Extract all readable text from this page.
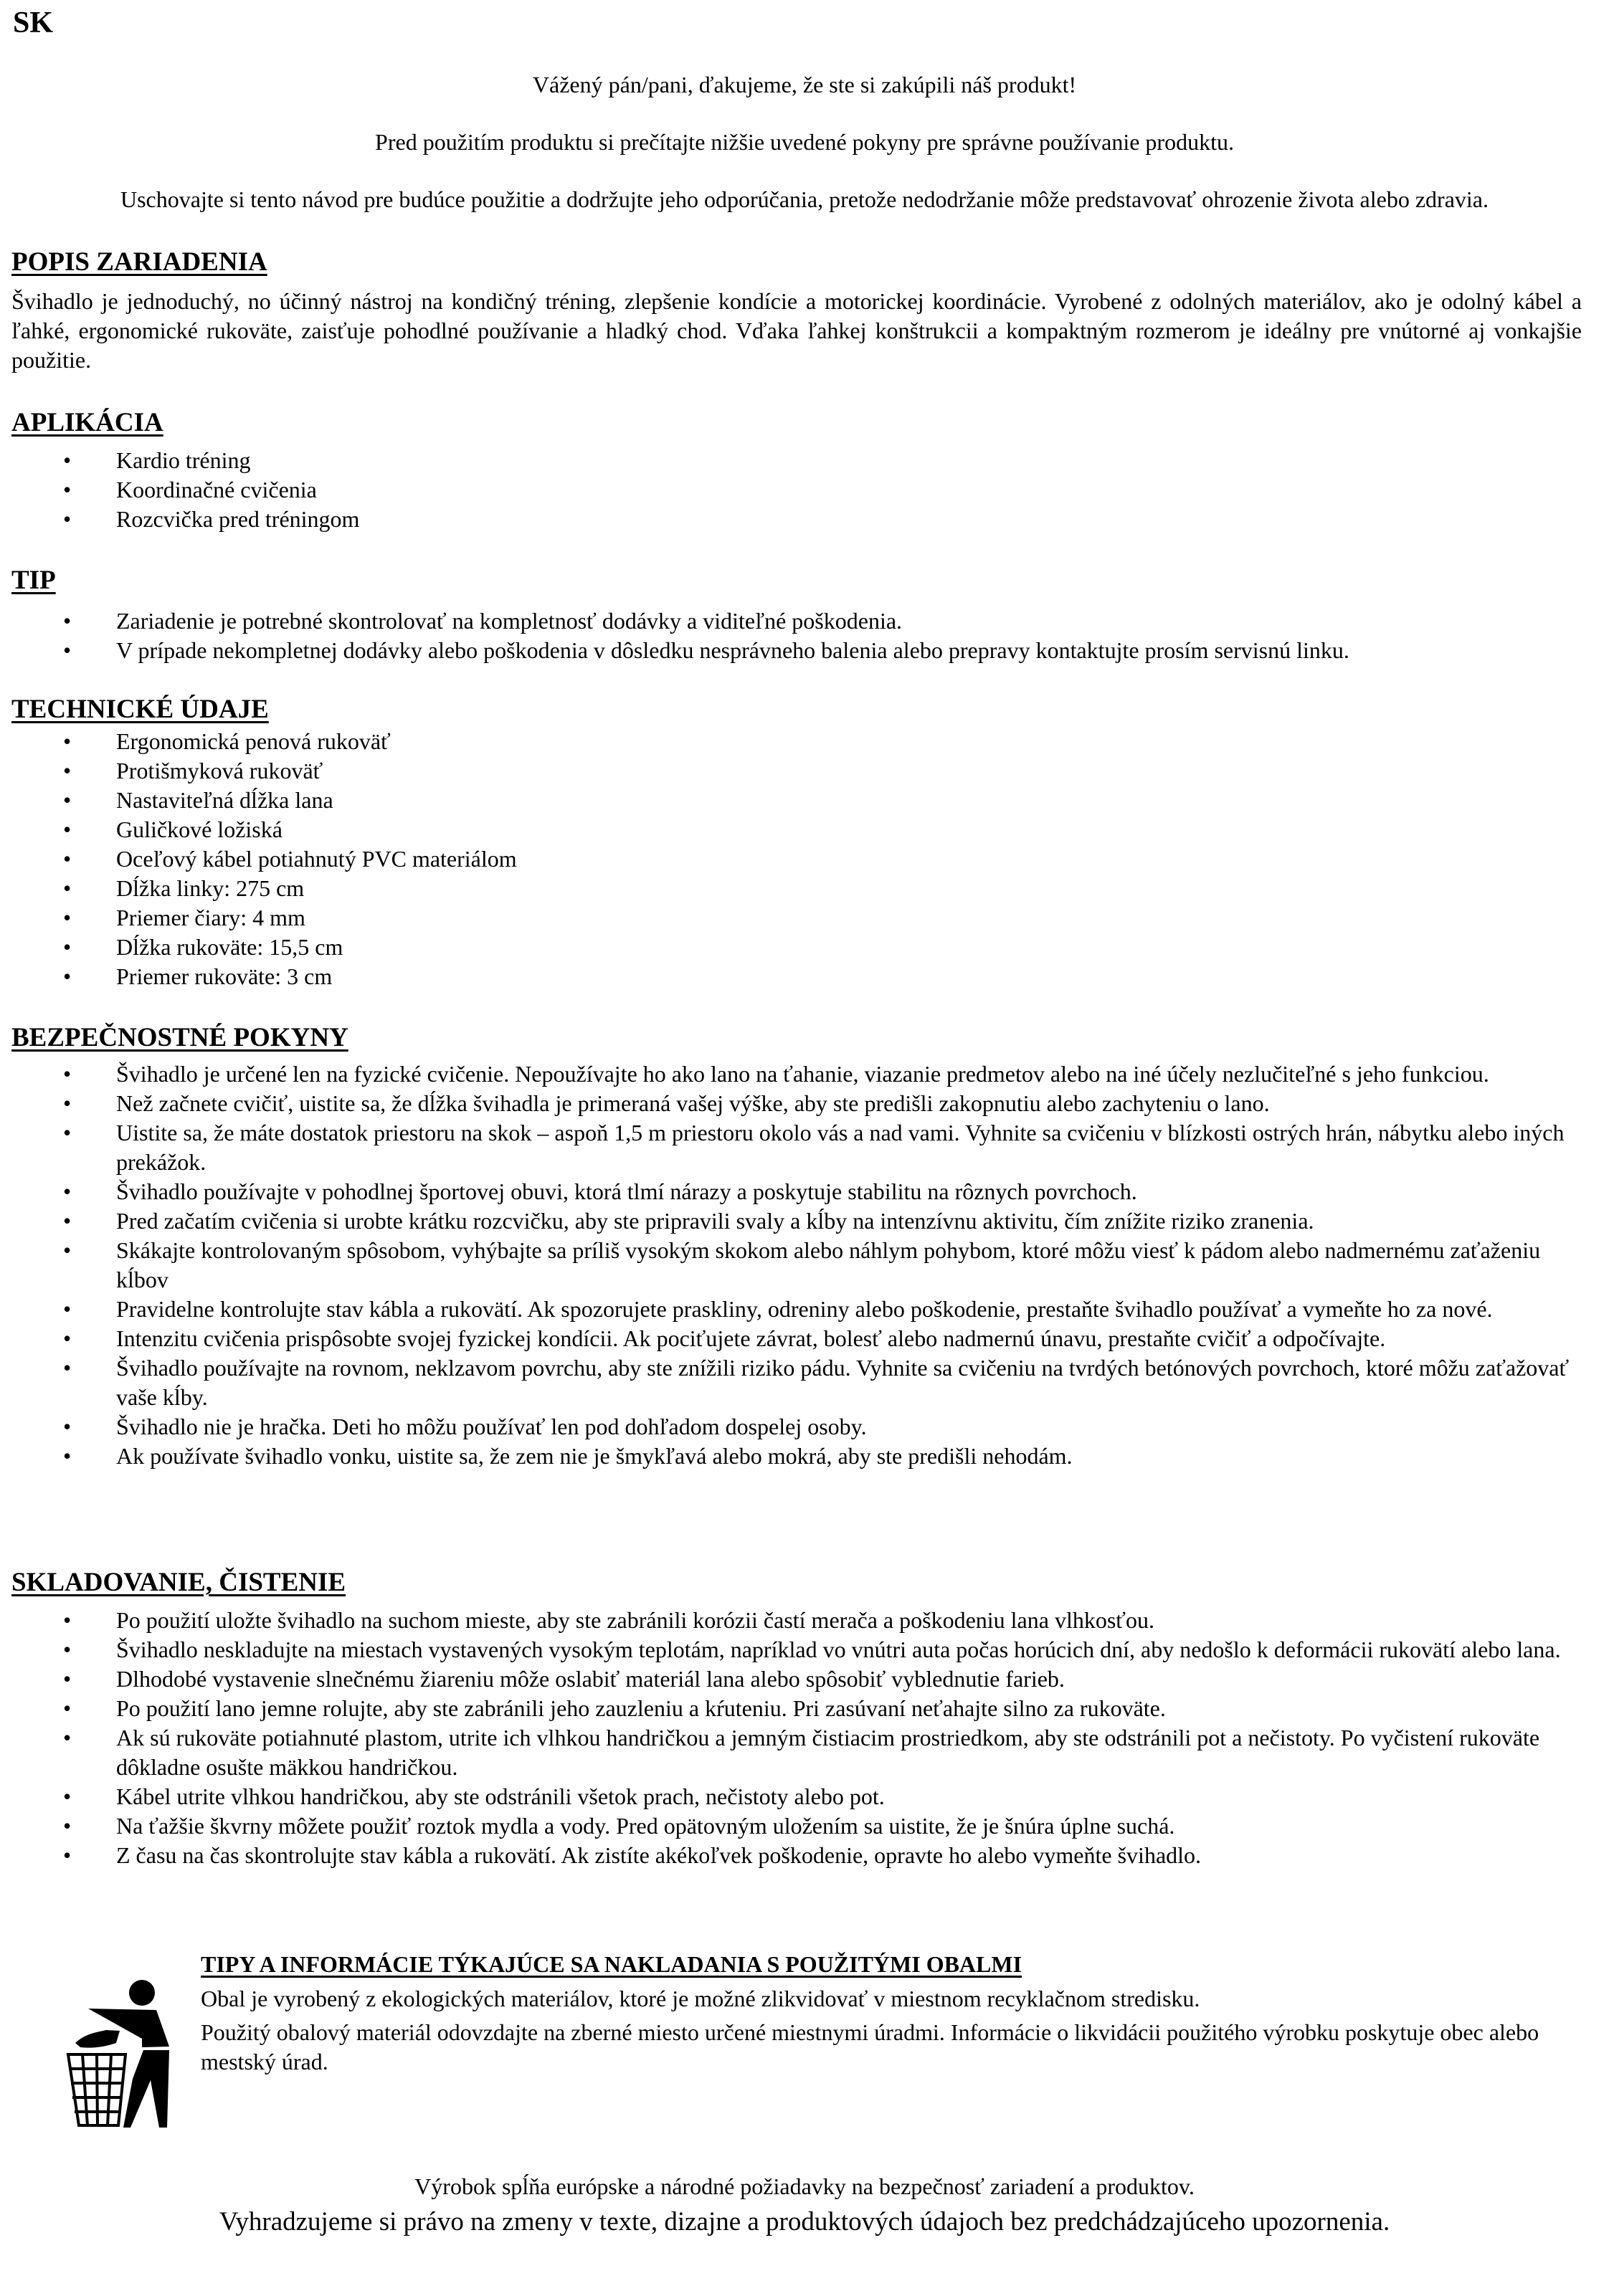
SK

Vážený pán/pani, ďakujeme, že ste si zakúpili náš produkt!

Pred použitím produktu si prečítajte nižšie uvedené pokyny pre správne používanie produktu.

Uschovajte si tento návod pre budúce použitie a dodržujte jeho odporúčania, pretože nedodržanie môže predstavovať ohrozenie života alebo zdravia.

POPIS ZARIADENIA

Švihadlo je jednoduchý, no účinný nástroj na kondičný tréning, zlepšenie kondície a motorickej koordinácie. Vyrobené z odolných materiálov, ako je odolný kábel a ľahké, ergonomické rukoväte, zaisťuje pohodlné používanie a hladký chod. Vďaka ľahkej konštrukcii a kompaktným rozmerom je ideálny pre vnútorné aj vonkajšie použitie.

APLIKÁCIA
• Kardio tréning
• Koordinačné cvičenia
• Rozcvička pred tréningom
TIP
• Zariadenie je potrebné skontrolovať na kompletnosť dodávky a viditeľné poškodenia.
• V prípade nekompletnej dodávky alebo poškodenia v dôsledku nesprávneho balenia alebo prepravy kontaktujte prosím servisnú linku.
TECHNICKÉ ÚDAJE
• Ergonomická penová rukoväť
• Protišmyková rukoväť
• Nastaviteľná dĺžka lana
• Guličkové ložiská
• Oceľový kábel potiahnutý PVC materiálom
• Dĺžka linky: 275 cm
• Priemer čiary: 4 mm
• Dĺžka rukoväte: 15,5 cm
• Priemer rukoväte: 3 cm
BEZPEČNOSTNÉ POKYNY
• Švihadlo je určené len na fyzické cvičenie. Nepoužívajte ho ako lano na ťahanie, viazanie predmetov alebo na iné účely nezlučiteľné s jeho funkciou.
• Než začnete cvičiť, uistite sa, že dĺžka švihadla je primeraná vašej výške, aby ste predišli zakopnutiu alebo zachyteniu o lano.
• Uistite sa, že máte dostatok priestoru na skok – aspoň 1,5 m priestoru okolo vás a nad vami. Vyhnite sa cvičeniu v blízkosti ostrých hrán, nábytku alebo iných prekážok.
• Švihadlo používajte v pohodlnej športovej obuvi, ktorá tlmí nárazy a poskytuje stabilitu na rôznych povrchoch.
• Pred začatím cvičenia si urobte krátku rozcvičku, aby ste pripravili svaly a kĺby na intenzívnu aktivitu, čím znížite riziko zranenia.
• Skákajte kontrolovaným spôsobom, vyhýbajte sa príliš vysokým skokom alebo náhlym pohybom, ktoré môžu viesť k pádom alebo nadmernému zaťaženiu kĺbov
• Pravidelne kontrolujte stav kábla a rukovätí. Ak spozorujete praskliny, odreniny alebo poškodenie, prestaňte švihadlo používať a vymeňte ho za nové.
• Intenzitu cvičenia prispôsobte svojej fyzickej kondícii. Ak pociťujete závrat, bolesť alebo nadmernú únavu, prestaňte cvičiť a odpočívajte.
• Švihadlo používajte na rovnom, neklzavom povrchu, aby ste znížili riziko pádu. Vyhnite sa cvičeniu na tvrdých betónových povrchoch, ktoré môžu zaťažovať vaše kĺby.
• Švihadlo nie je hračka. Deti ho môžu používať len pod dohľadom dospelej osoby.
• Ak používate švihadlo vonku, uistite sa, že zem nie je šmykľavá alebo mokrá, aby ste predišli nehodám.
SKLADOVANIE, ČISTENIE
• Po použití uložte švihadlo na suchom mieste, aby ste zabránili korózii častí merača a poškodeniu lana vlhkosťou.
• Švihadlo neskladujte na miestach vystavených vysokým teplotám, napríklad vo vnútri auta počas horúcich dní, aby nedošlo k deformácii rukovätí alebo lana.
• Dlhodobé vystavenie slnečnému žiareniu môže oslabiť materiál lana alebo spôsobiť vyblednutie farieb.
• Po použití lano jemne rolujte, aby ste zabránili jeho zauzleniu a kŕuteniu. Pri zasúvaní neťahajte silno za rukoväte.
• Ak sú rukoväte potiahnuté plastom, utrite ich vlhkou handričkou a jemným čistiacim prostriedkom, aby ste odstránili pot a nečistoty. Po vyčistení rukoväte dôkladne osušte mäkkou handričkou.
• Kábel utrite vlhkou handričkou, aby ste odstránili všetok prach, nečistoty alebo pot.
• Na ťažšie škvrny môžete použiť roztok mydla a vody. Pred opätovným uložením sa uistite, že je šnúra úplne suchá.
• Z času na čas skontrolujte stav kábla a rukovätí. Ak zistíte akékoľvek poškodenie, opravte ho alebo vymeňte švihadlo.
TIPY A INFORMÁCIE TÝKAJÚCE SA NAKLADANIA S POUŽITÝMI OBALMI

Obal je vyrobený z ekologických materiálov, ktoré je možné zlikvidovať v miestnom recyklačnom stredisku.

Použitý obalový materiál odovzdajte na zberné miesto určené miestnymi úradmi. Informácie o likvidácii použitého výrobku poskytuje obec alebo mestský úrad.

Výrobok spĺňa európske a národné požiadavky na bezpečnosť zariadení a produktov.

Vyhradzujeme si právo na zmeny v texte, dizajne a produktových údajoch bez predchádzajúceho upozornenia.
